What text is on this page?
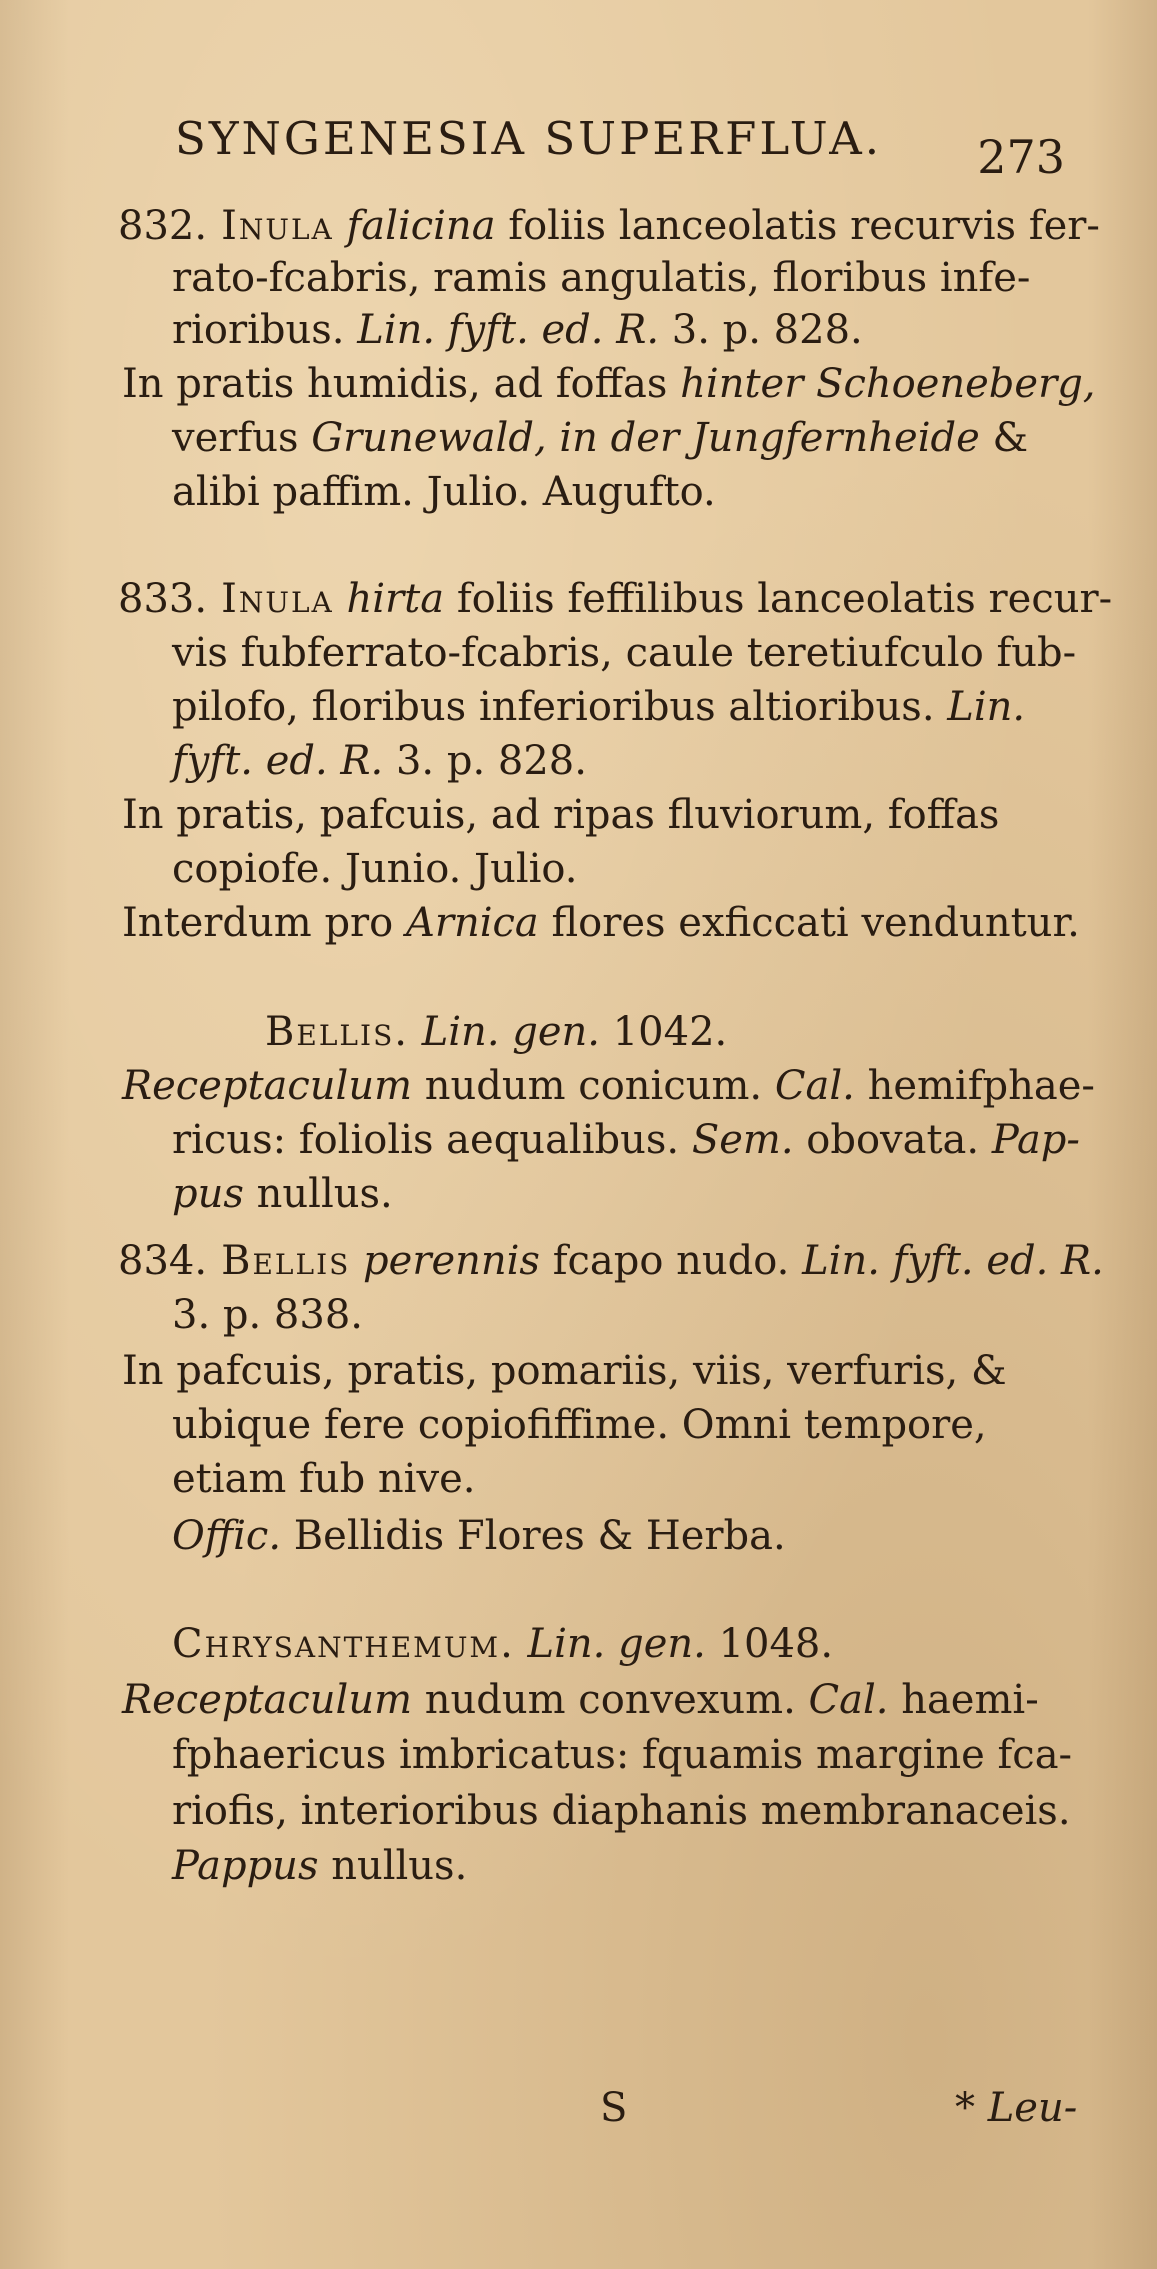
SYNGENESIA SUPERFLUA. 273
832. Inula falicina foliis lanceolatis recurvis fer-
rato-fcabris, ramis angulatis, floribus infe-
rioribus. Lin. fyft. ed. R. 3. p. 828.
In pratis humidis, ad foffas hinter Schoeneberg,
verfus Grunewald, in der Jungfernheide &
alibi paffim. Julio. Augufto.
833. Inula hirta foliis feffilibus lanceolatis recur-
vis fubferrato-fcabris, caule teretiufculo fub-
pilofo, floribus inferioribus altioribus. Lin.
fyft. ed. R. 3. p. 828.
In pratis, pafcuis, ad ripas fluviorum, foffas
copiofe. Junio. Julio.
Interdum pro Arnica flores exficcati venduntur.
Bellis. Lin. gen. 1042.
Receptaculum nudum conicum. Cal. hemifphae-
ricus: foliolis aequalibus. Sem. obovata. Pap-
pus nullus.
834. Bellis perennis fcapo nudo. Lin. fyft. ed. R.
3. p. 838.
In pafcuis, pratis, pomariis, viis, verfuris, &
ubique fere copiofiffime. Omni tempore,
etiam fub nive.
Offic. Bellidis Flores & Herba.
Chrysanthemum. Lin. gen. 1048.
Receptaculum nudum convexum. Cal. haemi-
fphaericus imbricatus: fquamis margine fca-
riofis, interioribus diaphanis membranaceis.
Pappus nullus.
S	* Leu-
